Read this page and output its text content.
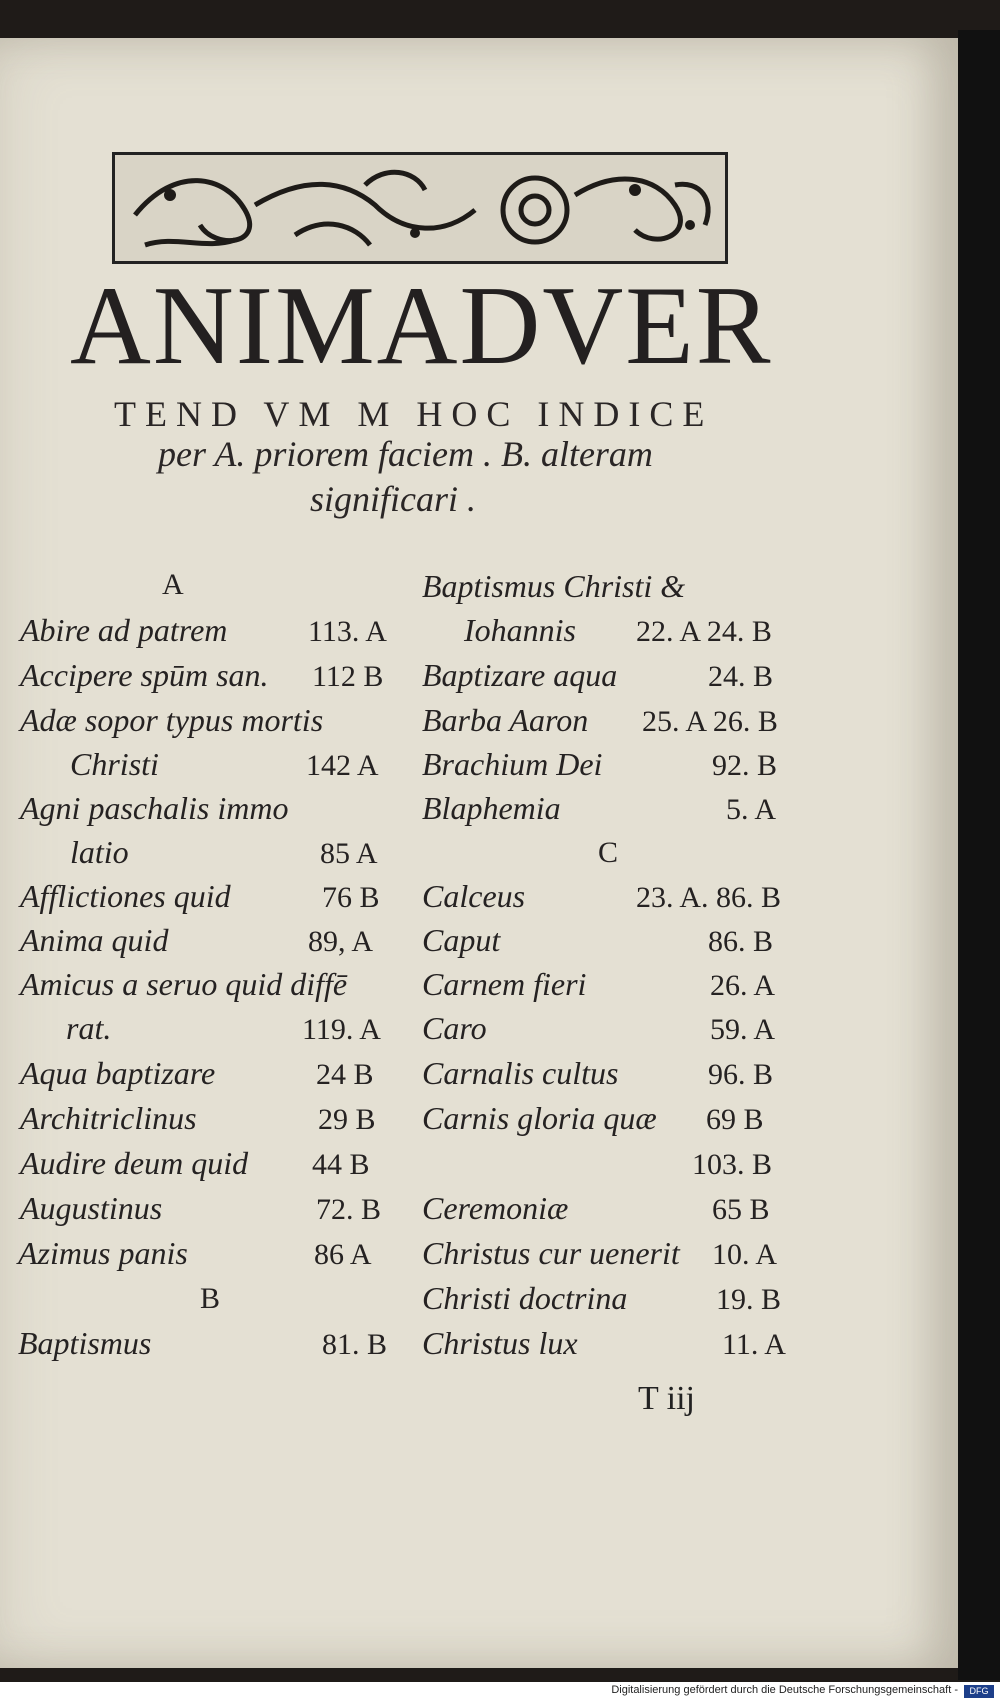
ANIMADVER
TEND VM M HOC INDICE
per A. priorem faciem . B. alteram
significari .
A
Abire ad patrem	113. A
Accipere spūm san. 112 B
Adæ sopor typus mortis
Christi	142 A
Agni paschalis immo
latio	85 A
Afflictiones quid	76 B
Anima quid	89, A
Amicus a seruo quid diffē
rat.	119. A
Aqua baptizare	24 B
Architriclinus	29 B
Audire deum quid 44 B
Augustinus	72. B
Azimus panis	86 A
B
Baptismus	81. B
Baptismus Christi &
Iohannis 22. A 24. B
Baptizare aqua	24. B
Barba Aaron 25. A 26. B
Brachium Dei	92. B
Blaphemia	5. A
C
Calceus	23. A. 86. B
Caput	86. B
Carnem fieri	26. A
Caro	59. A
Carnalis cultus	96. B
Carnis gloria quæ 69 B
103. B
Ceremoniæ	65 B
Christus cur uenerit 10. A
Christi doctrina	19. B
Christus lux	11. A
T iij
Digitalisierung gefördert durch die Deutsche Forschungsgemeinschaft -	DFG
